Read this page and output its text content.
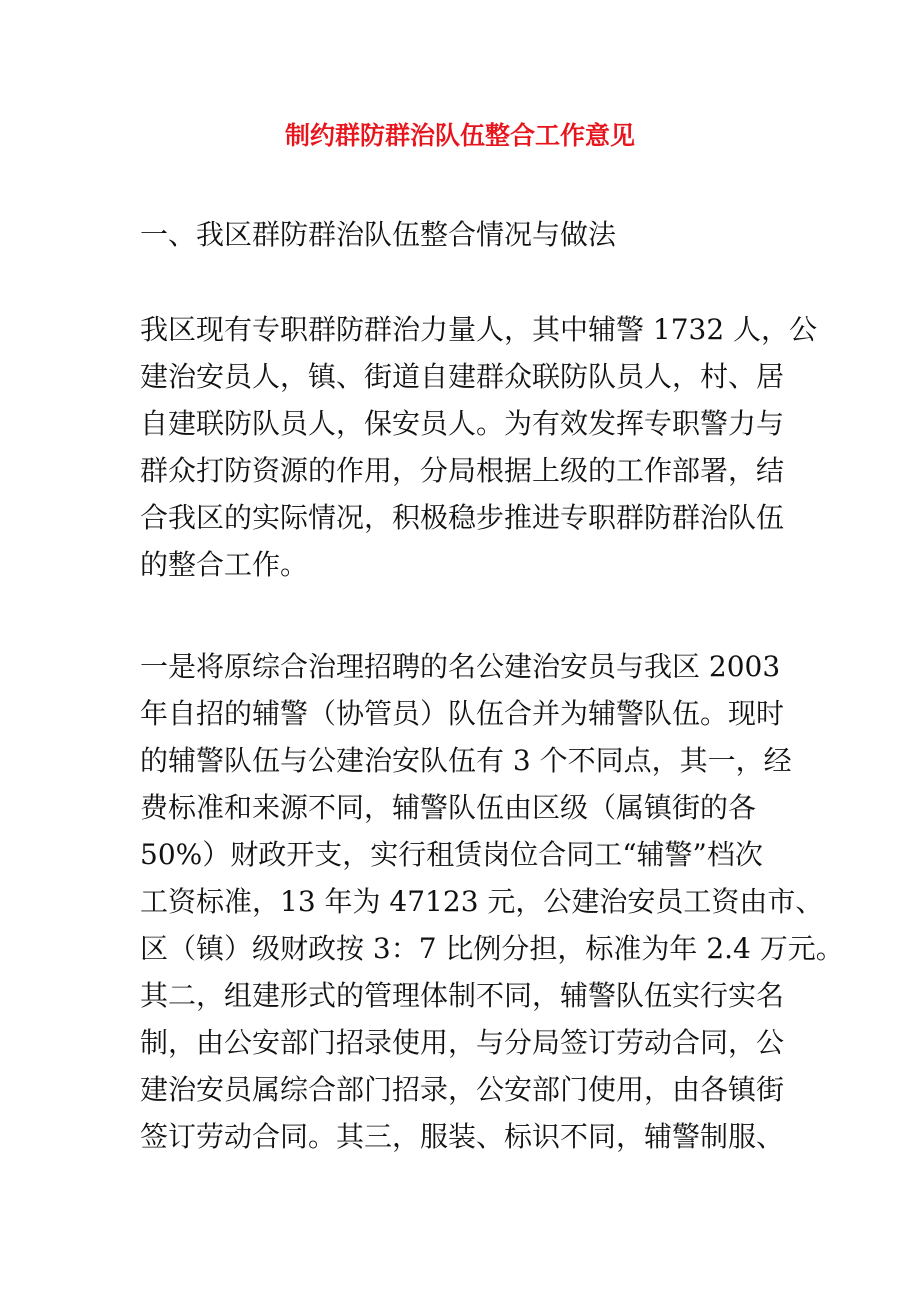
制约群防群治队伍整合工作意见

一、我区群防群治队伍整合情况与做法

我区现有专职群防群治力量人，其中辅警 1732 人，公
建治安员人，镇、街道自建群众联防队员人，村、居
自建联防队员人，保安员人。为有效发挥专职警力与
群众打防资源的作用，分局根据上级的工作部署，结
合我区的实际情况，积极稳步推进专职群防群治队伍
的整合工作。
一是将原综合治理招聘的名公建治安员与我区 2003
年自招的辅警（协管员）队伍合并为辅警队伍。现时
的辅警队伍与公建治安队伍有 3 个不同点，其一，经
费标准和来源不同，辅警队伍由区级（属镇街的各
50%）财政开支，实行租赁岗位合同工“辅警”档次
工资标准，13 年为 47123 元，公建治安员工资由市、
区（镇）级财政按 3：7 比例分担，标准为年 2.4 万元。
其二，组建形式的管理体制不同，辅警队伍实行实名
制，由公安部门招录使用，与分局签订劳动合同，公
建治安员属综合部门招录，公安部门使用，由各镇街
签订劳动合同。其三，服装、标识不同，辅警制服、
